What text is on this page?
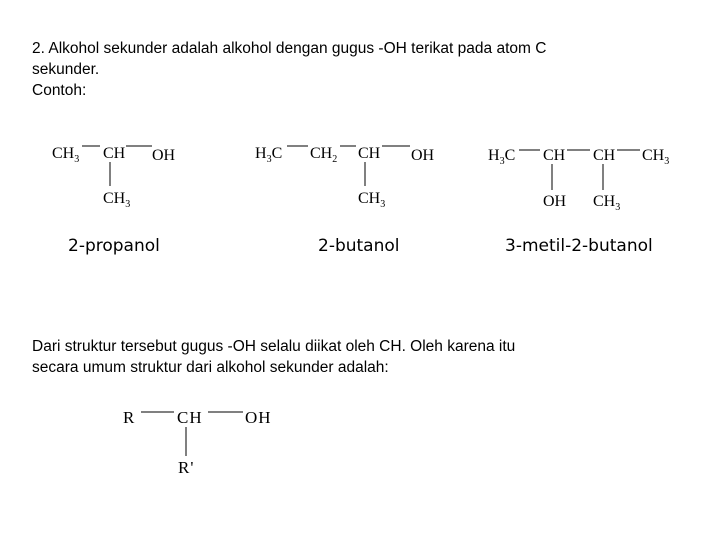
2. Alkohol sekunder adalah alkohol dengan gugus -OH terikat pada atom C
sekunder.
Contoh:

$CH_3$ CH OH
$CH_3$
2-propanol
$H_3C$ $CH_2$ CH OH
$CH_3$
2-butanol
$H_3C$ CH CH $CH_3$
OH $CH_3$
3-metil-2-butanol

Dari struktur tersebut gugus -OH selalu diikat oleh CH. Oleh karena itu
secara umum struktur dari alkohol sekunder adalah:

R CH OH
R'
